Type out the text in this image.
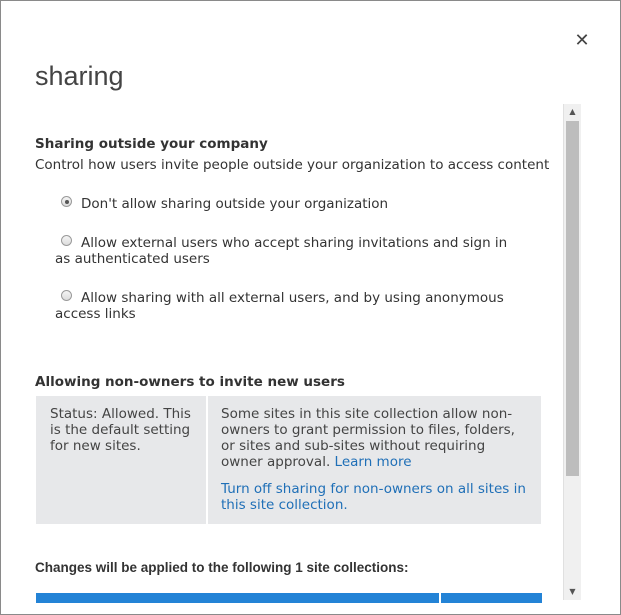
✕
sharing
Sharing outside your company
Control how users invite people outside your organization to access content
Don't allow sharing outside your organization
Allow external users who accept sharing invitations and sign in as authenticated users
Allow sharing with all external users, and by using anonymous access links
Allowing non-owners to invite new users
Status: Allowed. This is the default setting for new sites.
Some sites in this site collection allow non-owners to grant permission to files, folders, or sites and sub-sites without requiring owner approval. Learn more
Turn off sharing for non-owners on all sites in this site collection.
Changes will be applied to the following 1 site collections:
▲
▼
